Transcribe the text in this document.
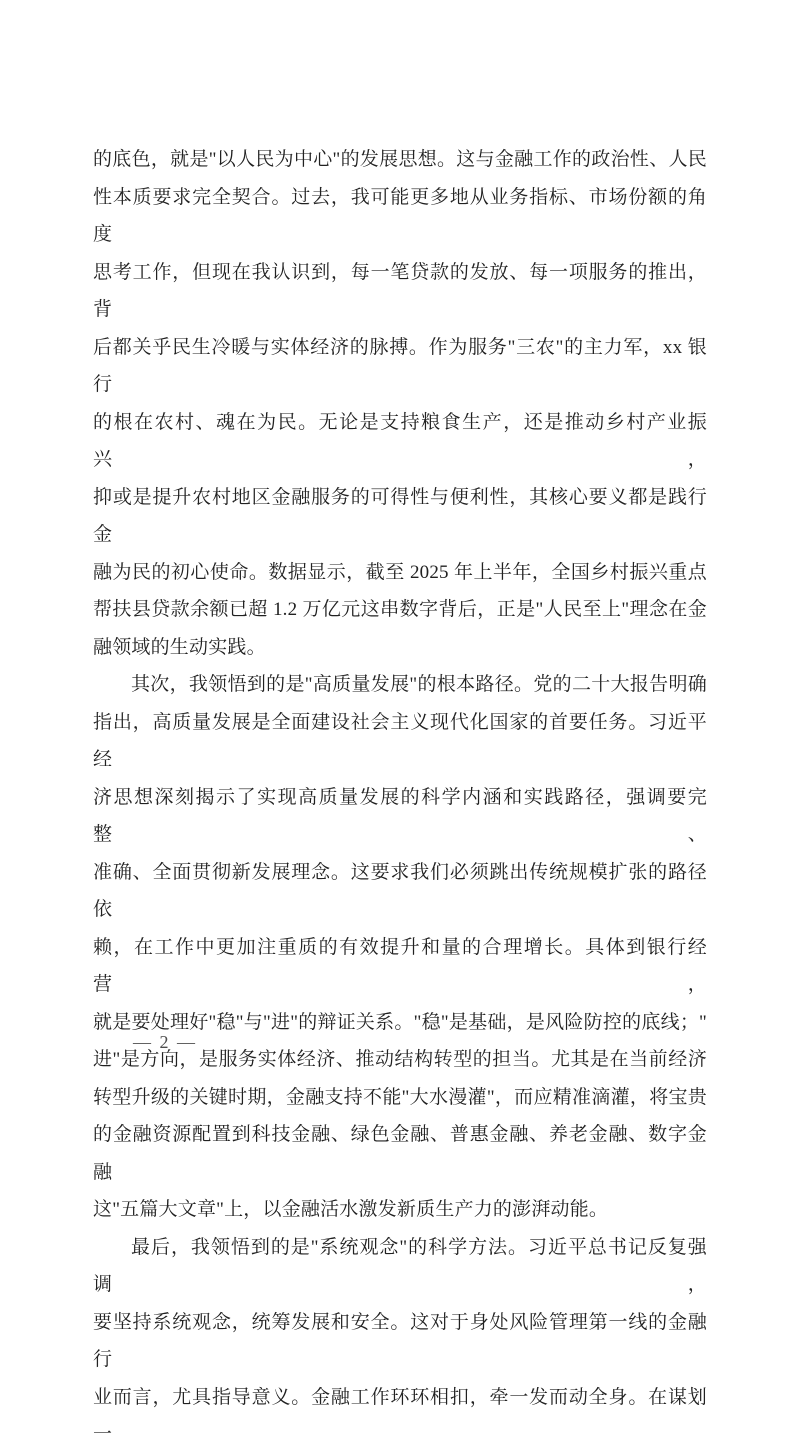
的底色，就是"以人民为中心"的发展思想。这与金融工作的政治性、人民
性本质要求完全契合。过去，我可能更多地从业务指标、市场份额的角度
思考工作，但现在我认识到，每一笔贷款的发放、每一项服务的推出，背
后都关乎民生冷暖与实体经济的脉搏。作为服务"三农"的主力军，xx 银行
的根在农村、魂在为民。无论是支持粮食生产，还是推动乡村产业振兴，
抑或是提升农村地区金融服务的可得性与便利性，其核心要义都是践行金
融为民的初心使命。数据显示，截至 2025 年上半年，全国乡村振兴重点
帮扶县贷款余额已超 1.2 万亿元这串数字背后，正是"人民至上"理念在金
融领域的生动实践。
其次，我领悟到的是"高质量发展"的根本路径。党的二十大报告明确
指出，高质量发展是全面建设社会主义现代化国家的首要任务。习近平经
济思想深刻揭示了实现高质量发展的科学内涵和实践路径，强调要完整、
准确、全面贯彻新发展理念。这要求我们必须跳出传统规模扩张的路径依
赖，在工作中更加注重质的有效提升和量的合理增长。具体到银行经营，
就是要处理好"稳"与"进"的辩证关系。"稳"是基础，是风险防控的底线；"
进"是方向，是服务实体经济、推动结构转型的担当。尤其是在当前经济
转型升级的关键时期，金融支持不能"大水漫灌"，而应精准滴灌，将宝贵
的金融资源配置到科技金融、绿色金融、普惠金融、养老金融、数字金融
这"五篇大文章"上，以金融活水激发新质生产力的澎湃动能。
最后，我领悟到的是"系统观念"的科学方法。习近平总书记反复强调，
要坚持系统观念，统筹发展和安全。这对于身处风险管理第一线的金融行
业而言，尤具指导意义。金融工作环环相扣，牵一发而动全身。在谋划一
— 2 —
